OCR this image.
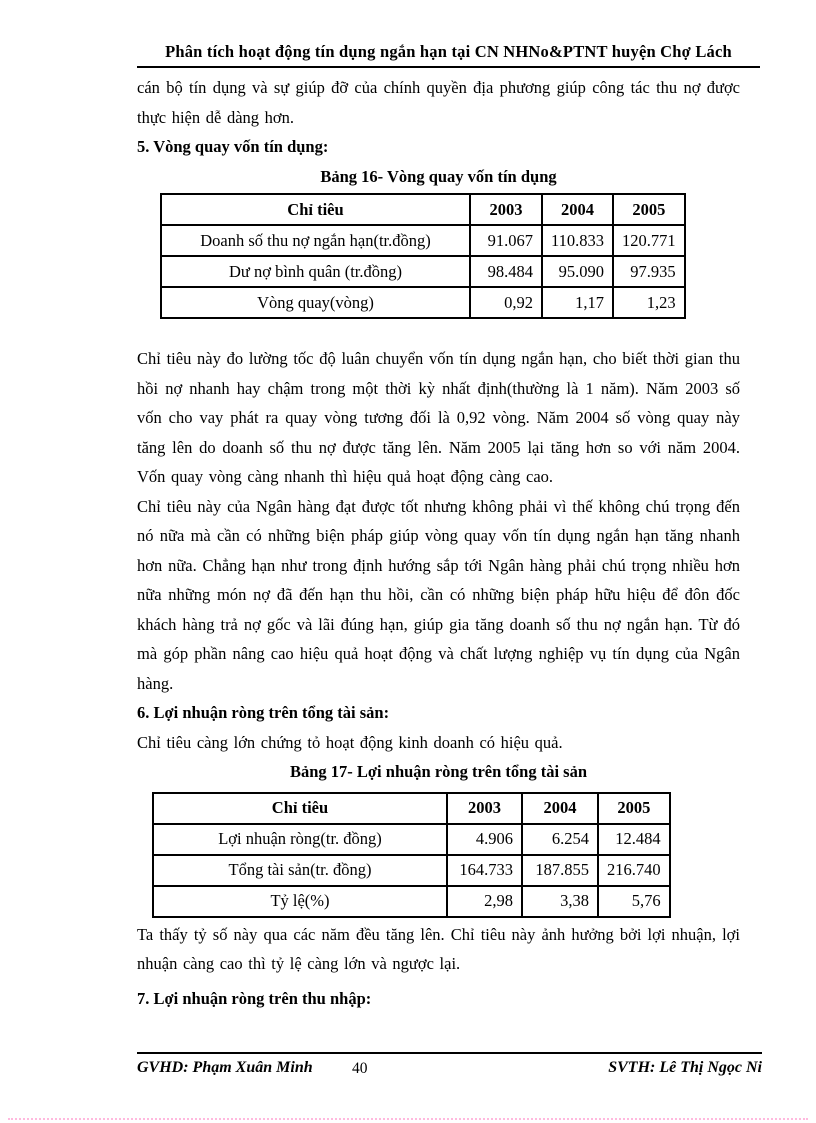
Phân tích hoạt động tín dụng ngắn hạn tại CN NHNo&PTNT huyện Chợ Lách

cán bộ tín dụng và sự giúp đỡ của chính quyền địa phương giúp công tác thu nợ được thực hiện dễ dàng hơn.

5. Vòng quay vốn tín dụng:

Bảng 16- Vòng quay vốn tín dụng

Chỉ tiêu	2003	2004	2005
Doanh số thu nợ ngắn hạn(tr.đồng)	91.067	110.833	120.771
Dư nợ bình quân (tr.đồng)	98.484	95.090	97.935
Vòng quay(vòng)	0,92	1,17	1,23

Chỉ tiêu này đo lường tốc độ luân chuyển vốn tín dụng ngắn hạn, cho biết thời gian thu hồi nợ nhanh hay chậm trong một thời kỳ nhất định(thường là 1 năm). Năm 2003 số vốn cho vay phát ra quay vòng tương đối là 0,92 vòng. Năm 2004 số vòng quay này tăng lên do doanh số thu nợ được tăng lên. Năm 2005 lại tăng hơn so với năm 2004. Vốn quay vòng càng nhanh thì hiệu quả hoạt động càng cao.

Chỉ tiêu này của Ngân hàng đạt được tốt nhưng không phải vì thế không chú trọng đến nó nữa mà cần có những biện pháp giúp vòng quay vốn tín dụng ngắn hạn tăng nhanh hơn nữa. Chẳng hạn như trong định hướng sắp tới Ngân hàng phải chú trọng nhiều hơn nữa những món nợ đã đến hạn thu hồi, cần có những biện pháp hữu hiệu để đôn đốc khách hàng trả nợ gốc và lãi đúng hạn, giúp gia tăng doanh số thu nợ ngắn hạn. Từ đó mà góp phần nâng cao hiệu quả hoạt động và chất lượng nghiệp vụ tín dụng của Ngân hàng.

6. Lợi nhuận ròng trên tổng tài sản:

Chỉ tiêu càng lớn chứng tỏ hoạt động kinh doanh có hiệu quả.

Bảng 17- Lợi nhuận ròng trên tổng tài sản

Chỉ tiêu	2003	2004	2005
Lợi nhuận ròng(tr. đồng)	4.906	6.254	12.484
Tổng tài sản(tr. đồng)	164.733	187.855	216.740
Tỷ lệ(%)	2,98	3,38	5,76

Ta thấy tỷ số này qua các năm đều tăng lên. Chỉ tiêu này ảnh hưởng bởi lợi nhuận, lợi nhuận càng cao thì tỷ lệ càng lớn và ngược lại.

7. Lợi nhuận ròng trên thu nhập:

GVHD: Phạm Xuân Minh	40	SVTH: Lê Thị Ngọc Ni
